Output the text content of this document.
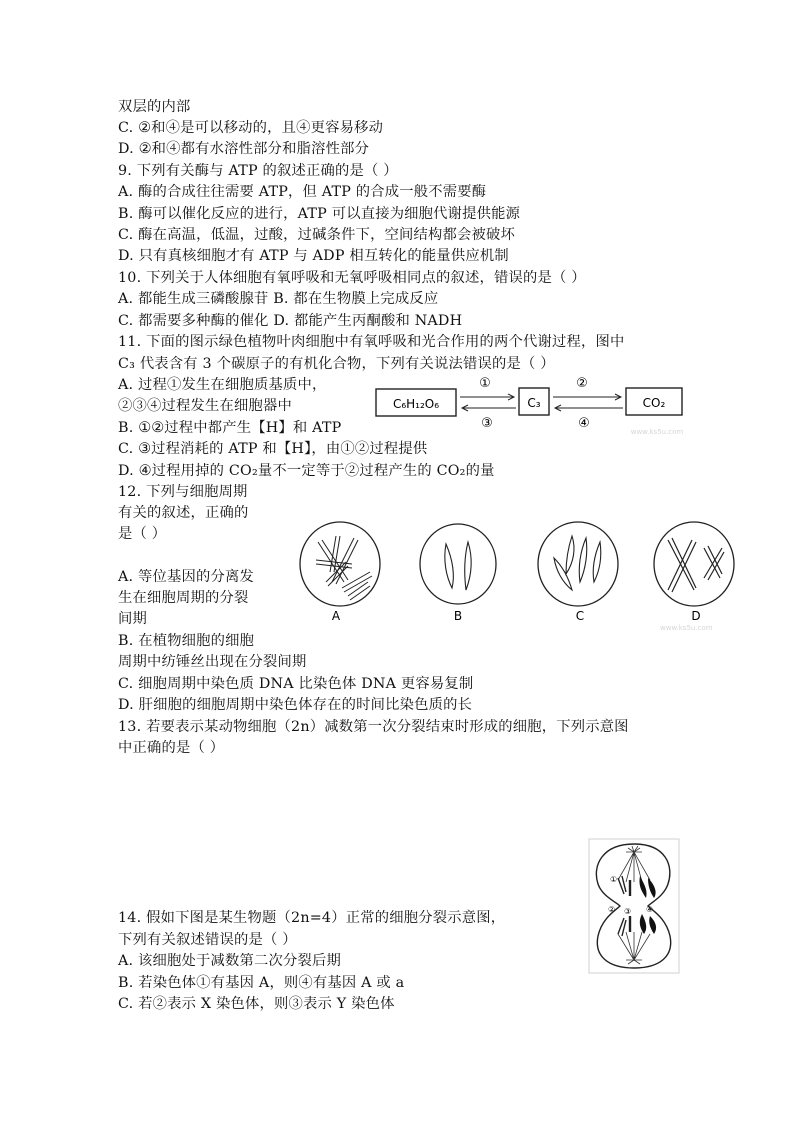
双层的内部
C. ②和④是可以移动的，且④更容易移动
D. ②和④都有水溶性部分和脂溶性部分
9. 下列有关酶与 ATP 的叙述正确的是（ ）
A. 酶的合成往往需要 ATP，但 ATP 的合成一般不需要酶
B. 酶可以催化反应的进行，ATP 可以直接为细胞代谢提供能源
C. 酶在高温，低温，过酸，过碱条件下，空间结构都会被破坏
D. 只有真核细胞才有 ATP 与 ADP 相互转化的能量供应机制
10. 下列关于人体细胞有氧呼吸和无氧呼吸相同点的叙述，错误的是（ ）
A. 都能生成三磷酸腺苷 B. 都在生物膜上完成反应
C. 都需要多种酶的催化 D. 都能产生丙酮酸和 NADH
11. 下面的图示绿色植物叶肉细胞中有氧呼吸和光合作用的两个代谢过程，图中
C₃ 代表含有 3 个碳原子的有机化合物，下列有关说法错误的是（ ）
A. 过程①发生在细胞质基质中，
②③④过程发生在细胞器中
B. ①②过程中都产生【H】和 ATP
C. ③过程消耗的 ATP 和【H】，由①②过程提供
D. ④过程用掉的 CO₂量不一定等于②过程产生的 CO₂的量
12. 下列与细胞周期
有关的叙述，正确的
是（ ）
A. 等位基因的分离发
生在细胞周期的分裂
间期
B. 在植物细胞的细胞
周期中纺锤丝出现在分裂间期
C. 细胞周期中染色质 DNA 比染色体 DNA 更容易复制
D. 肝细胞的细胞周期中染色体存在的时间比染色质的长
13. 若要表示某动物细胞（2n）减数第一次分裂结束时形成的细胞，下列示意图
中正确的是（ ）
14. 假如下图是某生物题（2n=4）正常的细胞分裂示意图，
下列有关叙述错误的是（ ）
A. 该细胞处于减数第二次分裂后期
B. 若染色体①有基因 A，则④有基因 A 或 a
C. 若②表示 X 染色体，则③表示 Y 染色体
C₆H₁₂O₆	C₃	CO₂
①	②
③	④
www.ks5u.com
A	B	C	D
①
② ③ ④
www.ks5u.com
